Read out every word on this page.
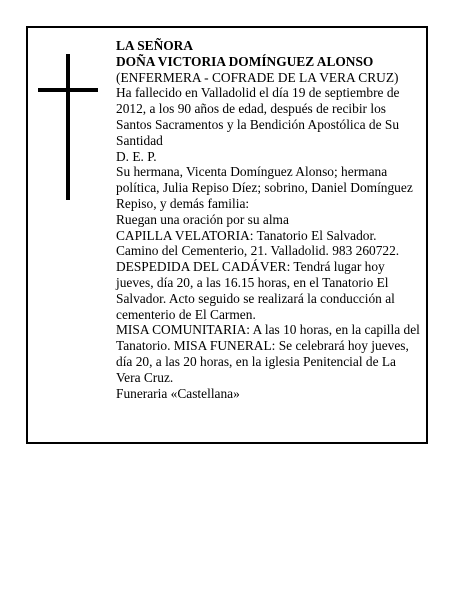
LA SEÑORA

DOÑA VICTORIA DOMÍNGUEZ ALONSO

(ENFERMERA - COFRADE DE LA VERA CRUZ)

Ha fallecido en Valladolid el día 19 de septiembre de 2012, a los 90 años de edad, después de recibir los Santos Sacramentos y la Bendición Apostólica de Su Santidad

D. E. P.

Su hermana, Vicenta Domínguez Alonso; hermana política, Julia Repiso Díez; sobrino, Daniel Domínguez Repiso, y demás familia:

Ruegan una oración por su alma

CAPILLA VELATORIA: Tanatorio El Salvador. Camino del Cementerio, 21. Valladolid. 983 260722.

DESPEDIDA DEL CADÁVER: Tendrá lugar hoy jueves, día 20, a las 16.15 horas, en el Tanatorio El Salvador. Acto seguido se realizará la conducción al cementerio de El Carmen.

MISA COMUNITARIA: A las 10 horas, en la capilla del Tanatorio. MISA FUNERAL: Se celebrará hoy jueves, día 20, a las 20 horas, en la iglesia Penitencial de La Vera Cruz.

Funeraria «Castellana»
